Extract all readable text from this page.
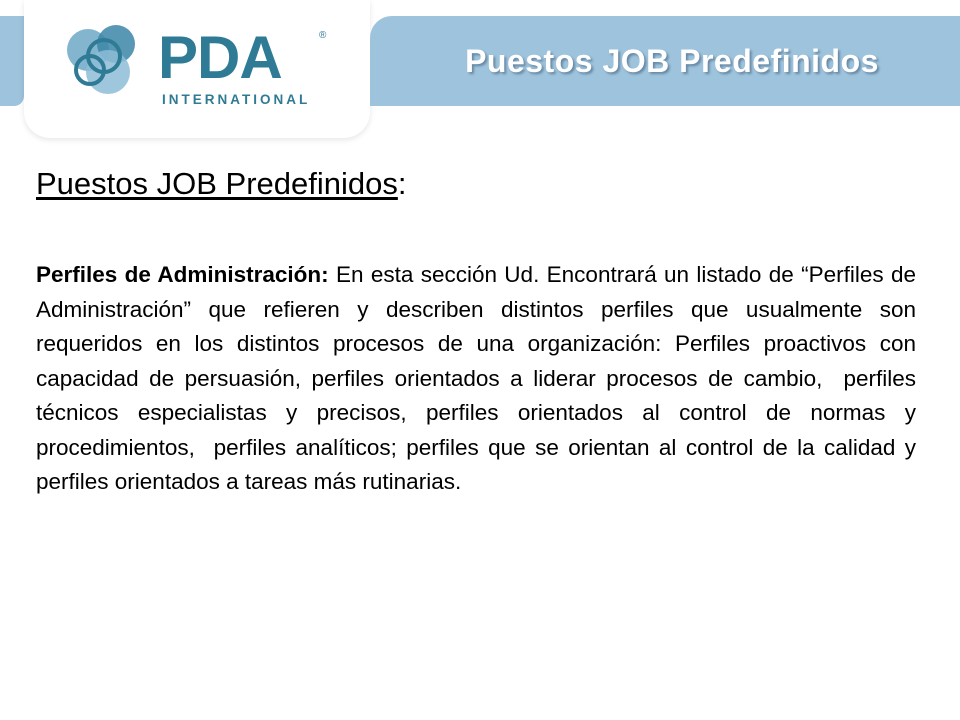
PDA	®
INTERNATIONAL
Puestos JOB Predefinidos
Puestos JOB Predefinidos:

Perfiles de Administración: En esta sección Ud. Encontrará un listado de “Perfiles de Administración” que refieren y describen distintos perfiles que usualmente son requeridos en los distintos procesos de una organización: Perfiles proactivos con capacidad de persuasión, perfiles orientados a liderar procesos de cambio,  perfiles técnicos especialistas y precisos, perfiles orientados al control de normas y procedimientos,  perfiles analíticos; perfiles que se orientan al control de la calidad y perfiles orientados a tareas más rutinarias.
